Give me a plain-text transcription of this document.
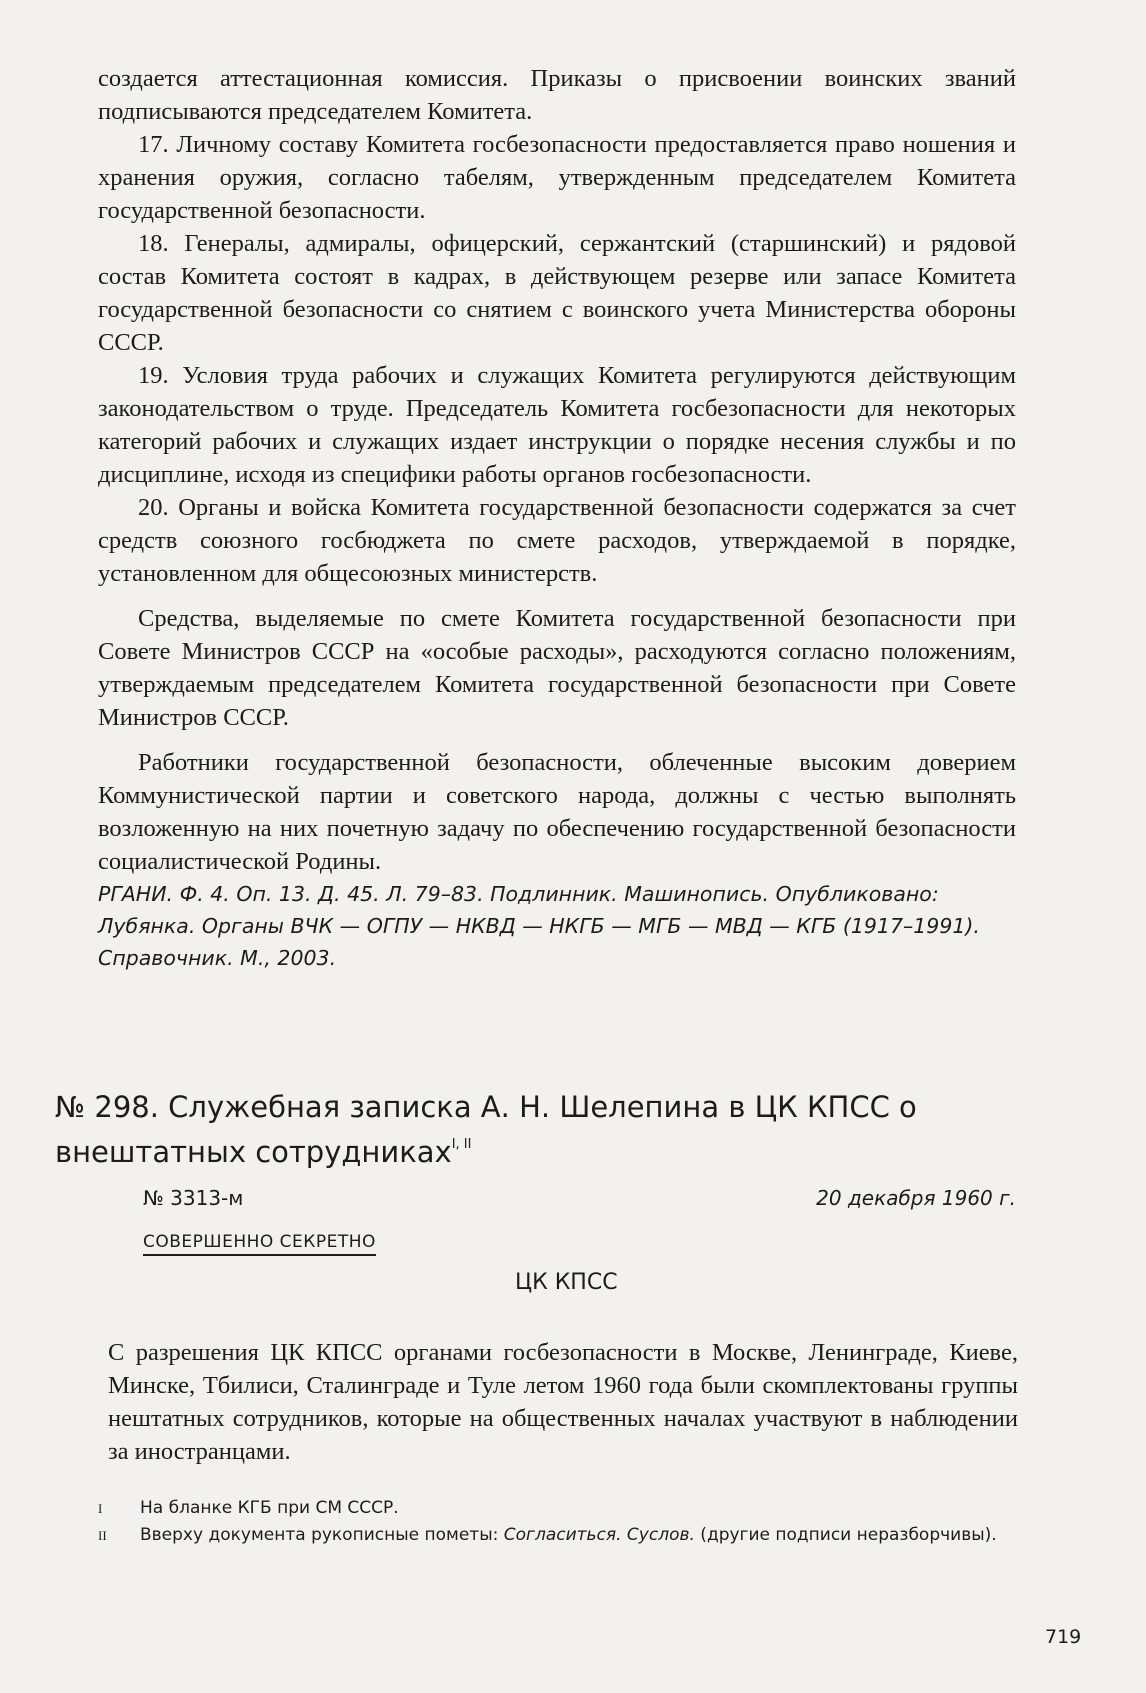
создается аттестационная комиссия. Приказы о присвоении воинских званий подписываются председателем Комитета.

17. Личному составу Комитета госбезопасности предоставляется право ношения и хранения оружия, согласно табелям, утвержденным председателем Комитета государственной безопасности.

18. Генералы, адмиралы, офицерский, сержантский (старшинский) и рядовой состав Комитета состоят в кадрах, в действующем резерве или запасе Комитета государственной безопасности со снятием с воинского учета Министерства обороны СССР.

19. Условия труда рабочих и служащих Комитета регулируются действующим законодательством о труде. Председатель Комитета госбезопасности для некоторых категорий рабочих и служащих издает инструкции о порядке несения службы и по дисциплине, исходя из специфики работы органов госбезопасности.

20. Органы и войска Комитета государственной безопасности содержатся за счет средств союзного госбюджета по смете расходов, утверждаемой в порядке, установленном для общесоюзных министерств.

Средства, выделяемые по смете Комитета государственной безопасности при Совете Министров СССР на «особые расходы», расходуются согласно положениям, утверждаемым председателем Комитета государственной безопасности при Совете Министров СССР.

Работники государственной безопасности, облеченные высоким доверием Коммунистической партии и советского народа, должны с честью выполнять возложенную на них почетную задачу по обеспечению государственной безопасности социалистической Родины.

РГАНИ. Ф. 4. Оп. 13. Д. 45. Л. 79–83. Подлинник. Машинопись. Опубликовано: Лубянка. Органы ВЧК — ОГПУ — НКВД — НКГБ — МГБ — МВД — КГБ (1917–1991). Справочник. М., 2003.

№ 298. Служебная записка А. Н. Шелепина в ЦК КПСС о внештатных сотрудниках$^{I, II}$
№ 3313-м	20 декабря 1960 г.
СОВЕРШЕННО СЕКРЕТНО
ЦК КПСС

С разрешения ЦК КПСС органами госбезопасности в Москве, Ленинграде, Киеве, Минске, Тбилиси, Сталинграде и Туле летом 1960 года были скомплектованы группы нештатных сотрудников, которые на общественных началах участвуют в наблюдении за иностранцами.

I	На бланке КГБ при СМ СССР.
II	Вверху документа рукописные пометы: Согласиться. Суслов. (другие подписи неразборчивы).
719
